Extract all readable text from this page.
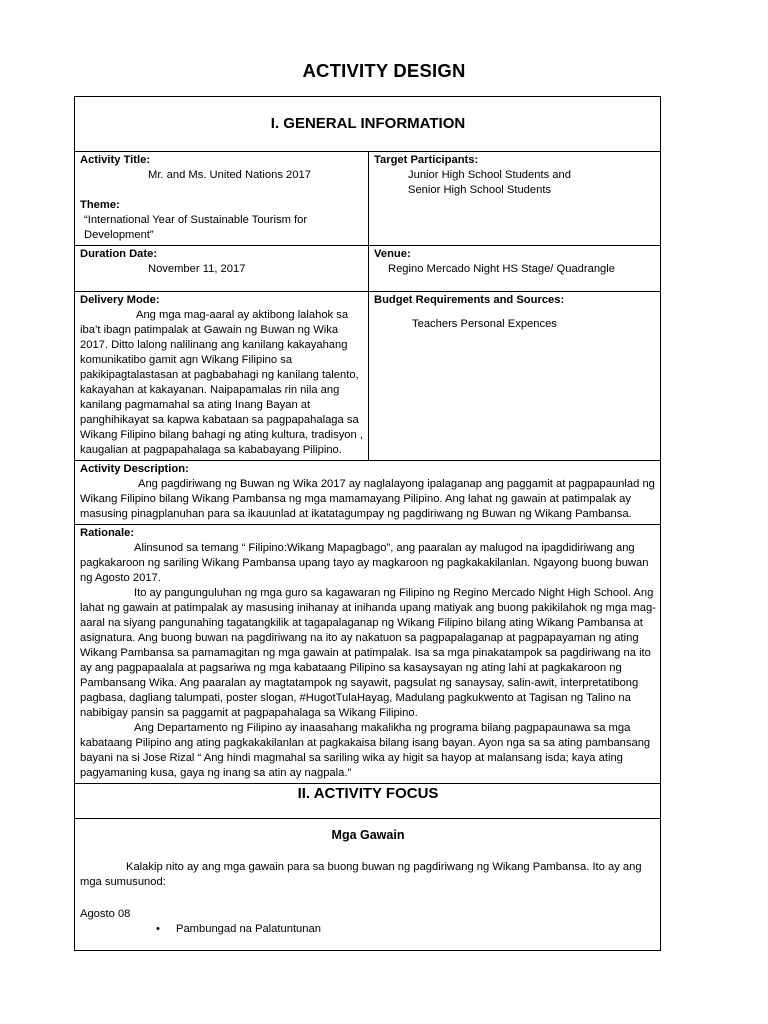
ACTIVITY DESIGN
I. GENERAL INFORMATION	

Activity Title:
Mr. and Ms. United Nations 2017
Theme:
“International Year of Sustainable Tourism for Development”	Target Participants:
Junior High School Students and
Senior High School Students

Duration Date:
November 11, 2017	Venue:
Regino Mercado Night HS Stage/ Quadrangle

Delivery Mode:
Ang mga mag-aaral ay aktibong lalahok sa iba’t ibagn patimpalak at Gawain ng Buwan ng Wika 2017. Ditto lalong nalilinang ang kanilang kakayahang komunikatibo gamit agn Wikang Filipino sa pakikipagtalastasan at pagbabahagi ng kanilang talento, kakayahan at kakayanan. Naipapamalas rin nila ang kanilang pagmamahal sa ating Inang Bayan at panghihikayat sa kapwa kabataan sa pagpapahalaga sa Wikang Filipino bilang bahagi ng ating kultura, tradisyon , kaugalian at pagpapahalaga sa kababayang Pilipino.	Budget Requirements and Sources:
Teachers Personal Expences

Activity Description:
Ang pagdiriwang ng Buwan ng Wika 2017 ay naglalayong ipalaganap ang paggamit at pagpapaunlad ng Wikang Filipino bilang Wikang Pambansa ng mga mamamayang Pilipino. Ang lahat ng gawain at patimpalak ay masusing pinagplanuhan para sa ikauunlad at ikatatagumpay ng pagdiriwang ng Buwan ng Wikang Pambansa.	

Rationale:
Alinsunod sa temang “ Filipino:Wikang Mapagbago”, ang paaralan ay malugod na ipagdidiriwang ang pagkakaroon ng sariling Wikang Pambansa upang tayo ay magkaroon ng pagkakakilanlan. Ngayong buong buwan ng Agosto 2017.
Ito ay pangunguluhan ng mga guro sa kagawaran ng Filipino ng Regino Mercado Night High School. Ang lahat ng gawain at patimpalak ay masusing inihanay at inihanda upang matiyak ang buong pakikilahok ng mga mag-aaral na siyang pangunahing tagatangkilik at tagapalaganap ng Wikang Filipino bilang ating Wikang Pambansa at asignatura. Ang buong buwan na pagdiriwang na ito ay nakatuon sa pagpapalaganap at pagpapayaman ng ating Wikang Pambansa sa pamamagitan ng mga gawain at patimpalak. Isa sa mga pinakatampok sa pagdiriwang na ito ay ang pagpapaalala at pagsariwa ng mga kabataang Pilipino sa kasaysayan ng ating lahi at pagkakaroon ng Pambansang Wika. Ang paaralan ay magtatampok ng sayawit, pagsulat ng sanaysay, salin-awit, interpretatibong pagbasa, dagliang talumpati, poster slogan, #HugotTulaHayag, Madulang pagkukwento at Tagisan ng Talino na nabibigay pansin sa paggamit at pagpapahalaga sa Wikang Filipino.
Ang Departamento ng Filipino ay inaasahang makalikha ng programa bilang pagpapaunawa sa mga kabataang Pilipino ang ating pagkakakilanlan at pagkakaisa bilang isang bayan. Ayon nga sa sa ating pambansang bayani na si Jose Rizal “ Ang hindi magmahal sa sariling wika ay higit sa hayop at malansang isda; kaya ating pagyamaning kusa, gaya ng inang sa atin ay nagpala.”	

II. ACTIVITY FOCUS	

Mga Gawain
Kalakip nito ay ang mga gawain para sa buong buwan ng pagdiriwang ng Wikang Pambansa. Ito ay ang mga sumusunod:
Agosto 08
• Pambungad na Palatuntunan	
